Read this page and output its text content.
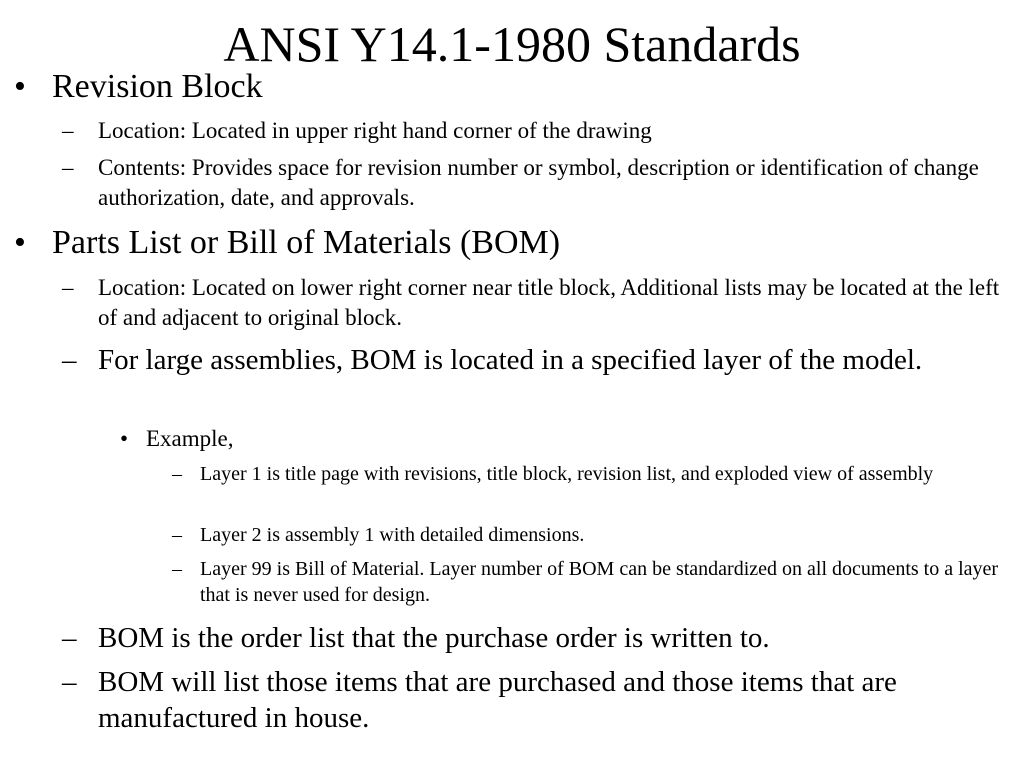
ANSI Y14.1-1980 Standards
• Revision Block
– Location: Located in upper right hand corner of the drawing
– Contents: Provides space for revision number or symbol, description or identification of change authorization, date, and approvals.
• Parts List or Bill of Materials (BOM)
– Location: Located on lower right corner near title block, Additional lists may be located at the left of and adjacent to original block.
– For large assemblies, BOM is located in a specified layer of the model.
• Example,
– Layer 1 is title page with revisions, title block, revision list, and exploded view of assembly
– Layer 2 is assembly 1 with detailed dimensions.
– Layer 99 is Bill of Material. Layer number of BOM can be standardized on all documents to a layer that is never used for design.
– BOM is the order list that the purchase order is written to.
– BOM will list those items that are purchased and those items that are manufactured in house.
